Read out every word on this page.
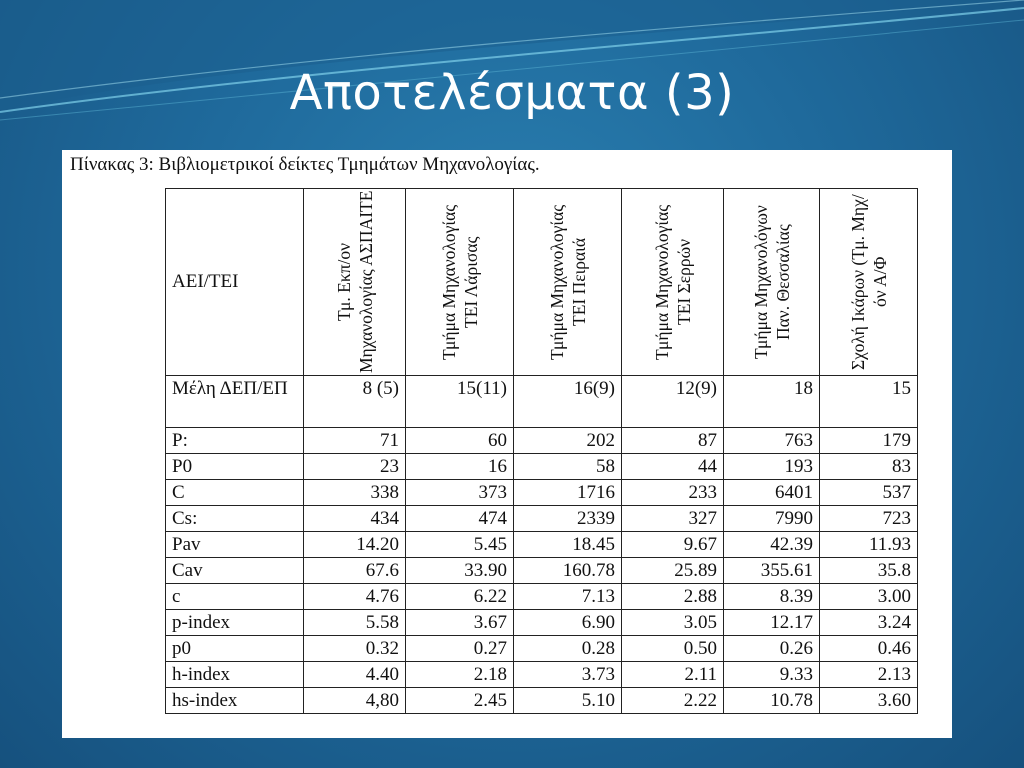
Αποτελέσματα (3)
Πίνακας 3: Βιβλιομετρικοί δείκτες Τμημάτων Μηχανολογίας.
ΑΕΙ/ΤΕΙ	Τμ. Εκπ/ον Μηχανολογίας ΑΣΠΑΙΤΕ	Τμήμα Μηχανολογίας ΤΕΙ Λάρισας	Τμήμα Μηχανολογίας ΤΕΙ Πειραιά	Τμήμα Μηχανολογίας ΤΕΙ Σερρών	Τμήμα Μηχανολόγων Παν. Θεσσαλίας	Σχολή Ικάρων (Τμ. Μηχ/όν Α/Φ

Μέλη ΔΕΠ/ΕΠ	8 (5)	15(11)	16(9)	12(9)	18	15
P:	71	60	202	87	763	179
P0	23	16	58	44	193	83
C	338	373	1716	233	6401	537
Cs:	434	474	2339	327	7990	723
Pav	14.20	5.45	18.45	9.67	42.39	11.93
Cav	67.6	33.90	160.78	25.89	355.61	35.8
c	4.76	6.22	7.13	2.88	8.39	3.00
p-index	5.58	3.67	6.90	3.05	12.17	3.24
p0	0.32	0.27	0.28	0.50	0.26	0.46
h-index	4.40	2.18	3.73	2.11	9.33	2.13
hs-index	4,80	2.45	5.10	2.22	10.78	3.60
